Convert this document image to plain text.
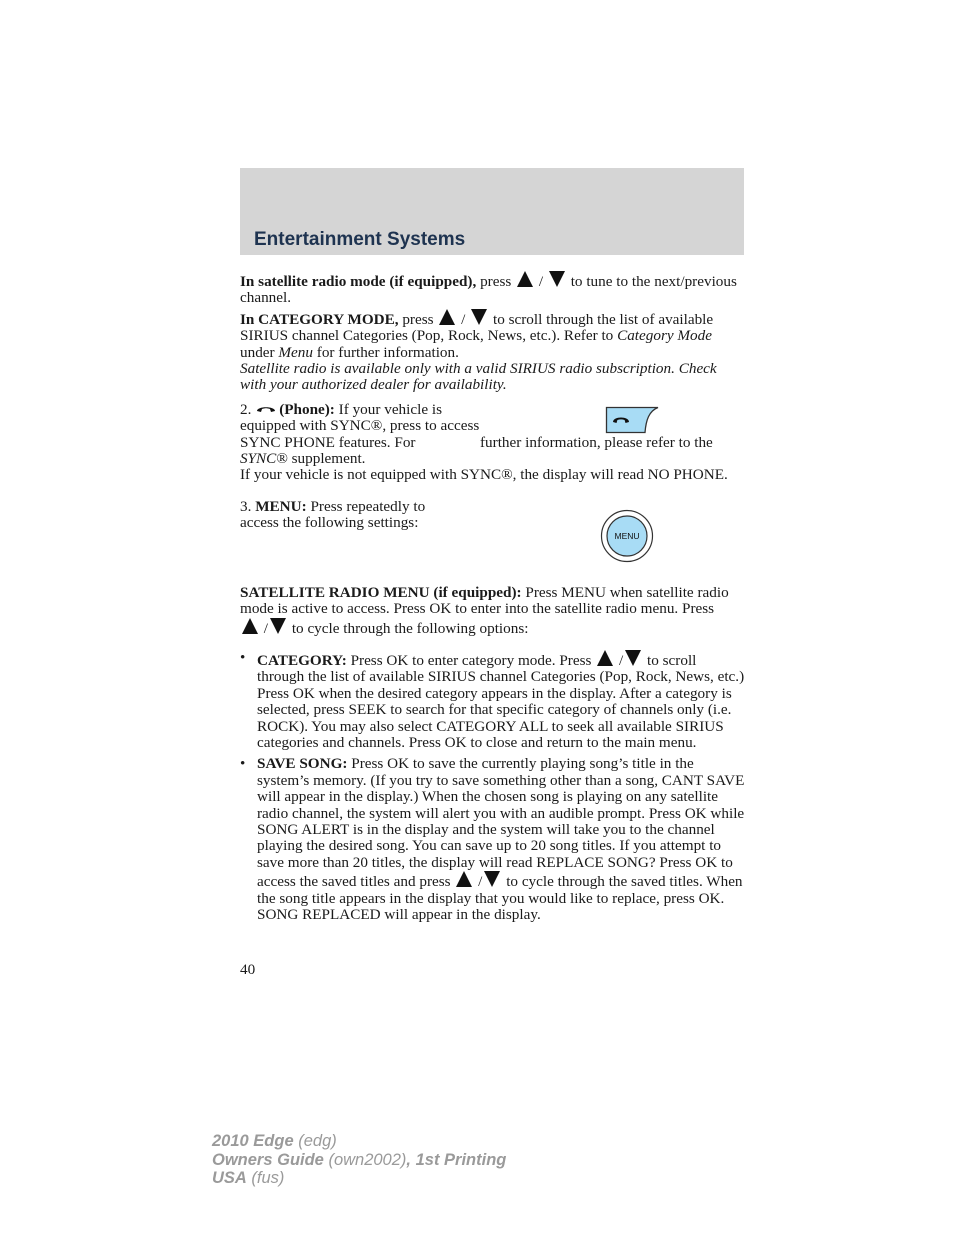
Entertainment Systems

In satellite radio mode (if equipped), press  /  to tune to the next/previous channel.

In CATEGORY MODE, press  /  to scroll through the list of available SIRIUS channel Categories (Pop, Rock, News, etc.). Refer to Category Mode under Menu for further information.

Satellite radio is available only with a valid SIRIUS radio subscription. Check with your authorized dealer for availability.

2. (Phone): If your vehicle is equipped with SYNC®, press to access SYNC PHONE features. For	further information, please refer to the SYNC® supplement.
If your vehicle is not equipped with SYNC®, the display will read NO PHONE.

3. MENU: Press repeatedly to access the following settings:

SATELLITE RADIO MENU (if equipped): Press MENU when satellite radio mode is active to access. Press OK to enter into the satellite radio menu. Press  / to cycle through the following options:

• CATEGORY: Press OK to enter category mode. Press  / to scroll through the list of available SIRIUS channel Categories (Pop, Rock, News, etc.) Press OK when the desired category appears in the display. After a category is selected, press SEEK to search for that specific category of channels only (i.e. ROCK). You may also select CATEGORY ALL to seek all available SIRIUS categories and channels. Press OK to close and return to the main menu.
• SAVE SONG: Press OK to save the currently playing song’s title in the system’s memory. (If you try to save something other than a song, CANT SAVE will appear in the display.) When the chosen song is playing on any satellite radio channel, the system will alert you with an audible prompt. Press OK while SONG ALERT is in the display and the system will take you to the channel playing the desired song. You can save up to 20 song titles. If you attempt to save more than 20 titles, the display will read REPLACE SONG? Press OK to access the saved titles and press  / to cycle through the saved titles. When the song title appears in the display that you would like to replace, press OK. SONG REPLACED will appear in the display.
MENU
40
2010 Edge (edg)
Owners Guide (own2002), 1st Printing
USA (fus)
